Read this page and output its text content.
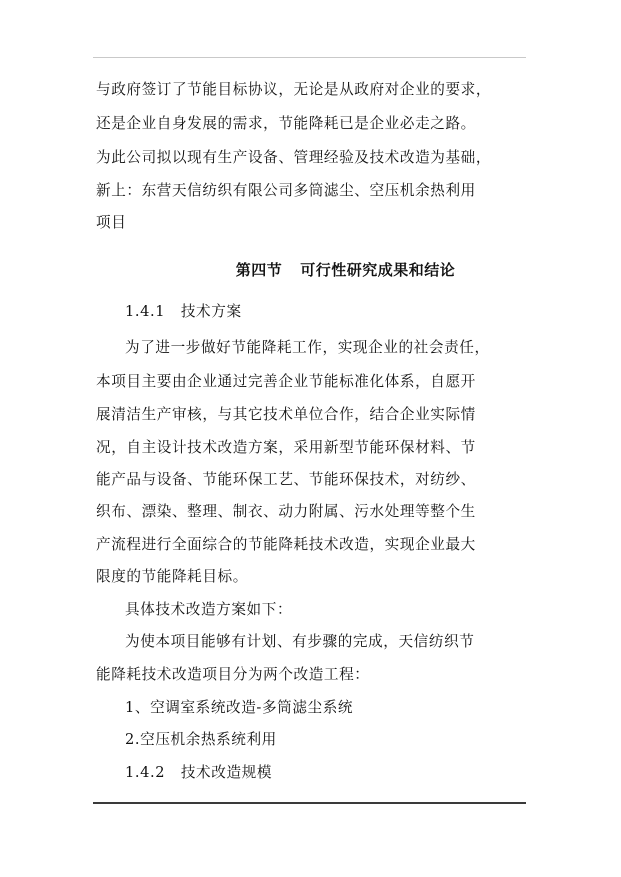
与政府签订了节能目标协议，无论是从政府对企业的要求，
还是企业自身发展的需求，节能降耗已是企业必走之路。
为此公司拟以现有生产设备、管理经验及技术改造为基础，
新上：东营天信纺织有限公司多筒滤尘、空压机余热利用
项目
第四节 可行性研究成果和结论
1.4.1 技术方案
为了进一步做好节能降耗工作，实现企业的社会责任，
本项目主要由企业通过完善企业节能标准化体系，自愿开
展清洁生产审核，与其它技术单位合作，结合企业实际情
况，自主设计技术改造方案，采用新型节能环保材料、节
能产品与设备、节能环保工艺、节能环保技术，对纺纱、
织布、漂染、整理、制衣、动力附属、污水处理等整个生
产流程进行全面综合的节能降耗技术改造，实现企业最大
限度的节能降耗目标。
具体技术改造方案如下：
为使本项目能够有计划、有步骤的完成，天信纺织节
能降耗技术改造项目分为两个改造工程：
1、空调室系统改造-多筒滤尘系统
2.空压机余热系统利用
1.4.2 技术改造规模
